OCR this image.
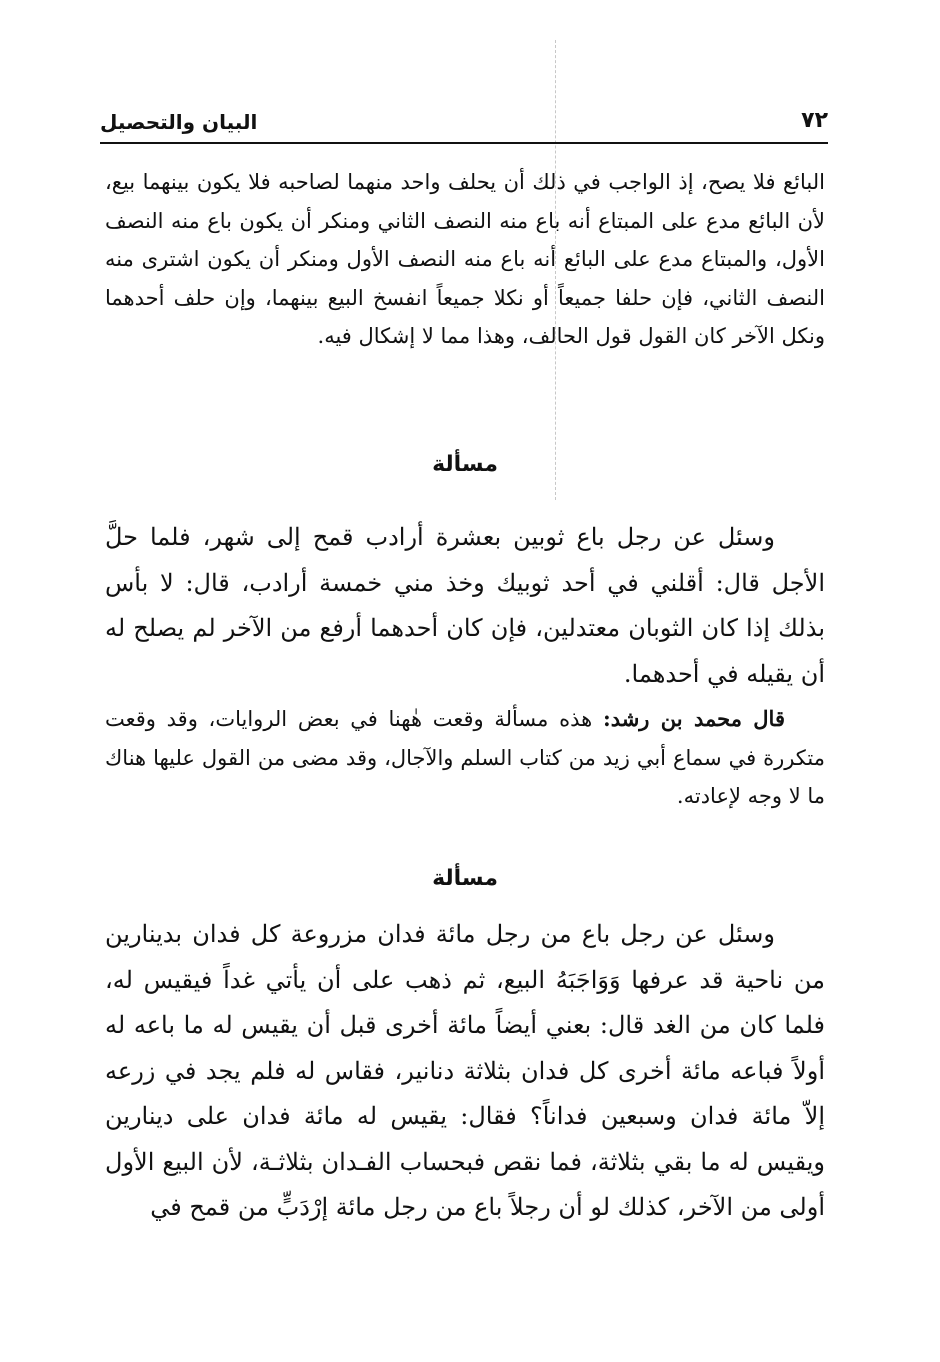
٧٢
البيان والتحصيل

البائع فلا يصح، إذ الواجب في ذلك أن يحلف واحد منهما لصاحبه فلا يكون بينهما بيع، لأن البائع مدع على المبتاع أنه باع منه النصف الثاني ومنكر أن يكون باع منه النصف الأول، والمبتاع مدع على البائع أنه باع منه النصف الأول ومنكر أن يكون اشترى منه النصف الثاني، فإن حلفا جميعاً أو نكلا جميعاً انفسخ البيع بينهما، وإن حلف أحدهما ونكل الآخر كان القول قول الحالف، وهذا مما لا إشكال فيه.

مسألة

وسئل عن رجل باع ثوبين بعشرة أرادب قمح إلى شهر، فلما حلَّ الأجل قال: أقلني في أحد ثوبيك وخذ مني خمسة أرادب، قال: لا بأس بذلك إذا كان الثوبان معتدلين، فإن كان أحدهما أرفع من الآخر لم يصلح له أن يقيله في أحدهما.

قال محمد بن رشد: هذه مسألة وقعت هٰهنا في بعض الروايات، وقد وقعت متكررة في سماع أبي زيد من كتاب السلم والآجال، وقد مضى من القول عليها هناك ما لا وجه لإعادته.

مسألة

وسئل عن رجل باع من رجل مائة فدان مزروعة كل فدان بدينارين من ناحية قد عرفها وَوَاجَبَهُ البيع، ثم ذهب على أن يأتي غداً فيقيس له، فلما كان من الغد قال: بعني أيضاً مائة أخرى قبل أن يقيس له ما باعه له أولاً فباعه مائة أخرى كل فدان بثلاثة دنانير، فقاس له فلم يجد في زرعه إلاّ مائة فدان وسبعين فداناً؟ فقال: يقيس له مائة فدان على دينارين ويقيس له ما بقي بثلاثة، فما نقص فبحساب الفـدان بثلاثـة، لأن البيع الأول أولى من الآخر، كذلك لو أن رجلاً باع من رجل مائة إرْدَبٍّ من قمح في
